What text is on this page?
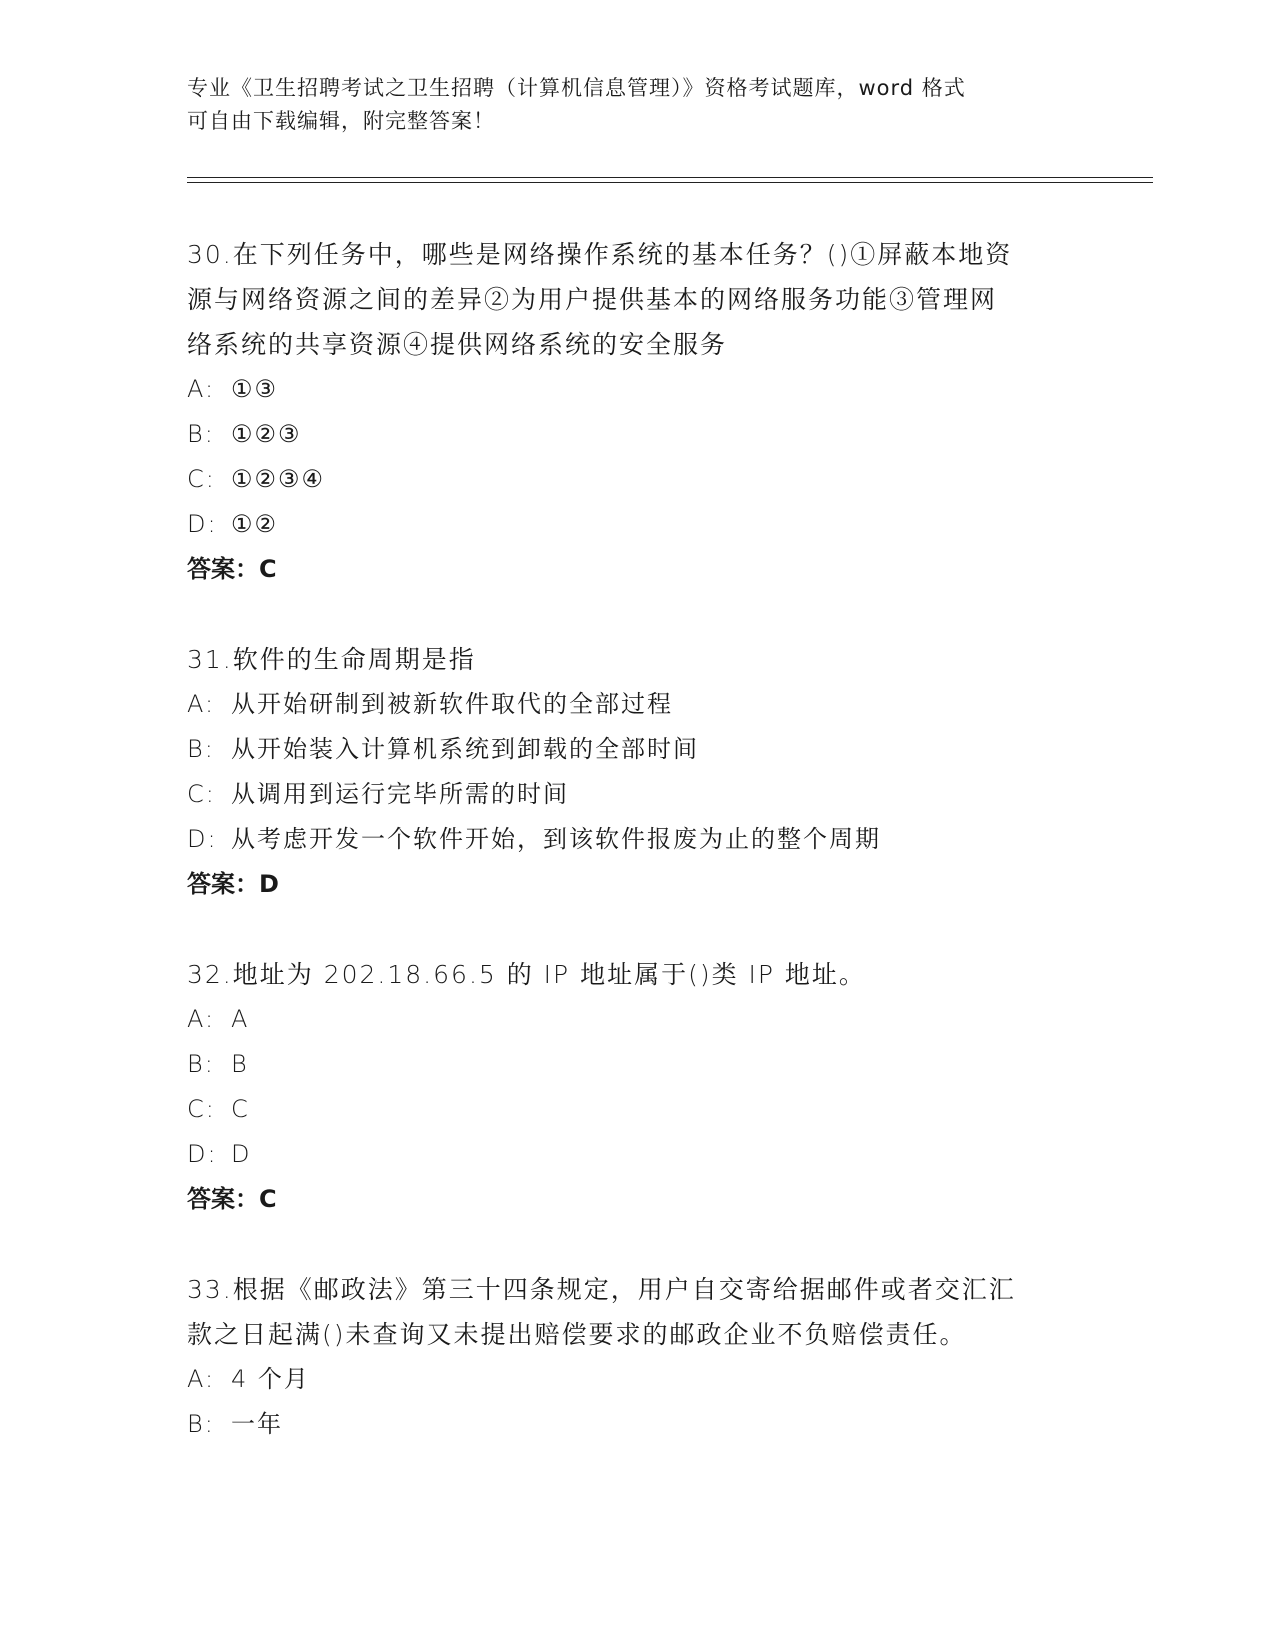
专业《卫生招聘考试之卫生招聘（计算机信息管理）》资格考试题库，word 格式
可自由下载编辑，附完整答案！
30.在下列任务中，哪些是网络操作系统的基本任务？()①屏蔽本地资
源与网络资源之间的差异②为用户提供基本的网络服务功能③管理网
络系统的共享资源④提供网络系统的安全服务
A: ①③
B: ①②③
C: ①②③④
D: ①②
答案：C
31.软件的生命周期是指
A: 从开始研制到被新软件取代的全部过程
B: 从开始装入计算机系统到卸载的全部时间
C: 从调用到运行完毕所需的时间
D: 从考虑开发一个软件开始，到该软件报废为止的整个周期
答案：D
32.地址为 202.18.66.5 的 IP 地址属于()类 IP 地址。
A: A
B: B
C: C
D: D
答案：C
33.根据《邮政法》第三十四条规定，用户自交寄给据邮件或者交汇汇
款之日起满()未查询又未提出赔偿要求的邮政企业不负赔偿责任。
A: 4 个月
B: 一年
